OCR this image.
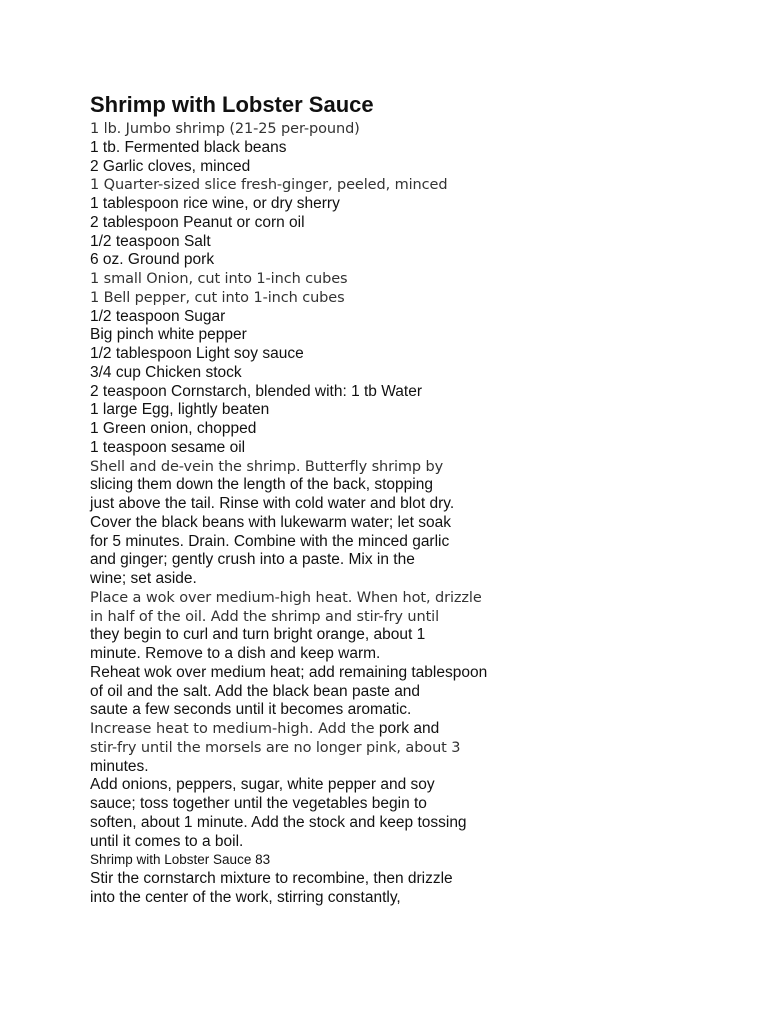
Shrimp with Lobster Sauce
1 lb. Jumbo shrimp (21-25 per-pound)
1 tb. Fermented black beans
2 Garlic cloves, minced
1 Quarter-sized slice fresh-ginger, peeled, minced
1 tablespoon rice wine, or dry sherry
2 tablespoon Peanut or corn oil
1/2 teaspoon Salt
6 oz. Ground pork
1 small Onion, cut into 1-inch cubes
1 Bell pepper, cut into 1-inch cubes
1/2 teaspoon Sugar
Big pinch white pepper
1/2 tablespoon Light soy sauce
3/4 cup Chicken stock
2 teaspoon Cornstarch, blended with: 1 tb Water
1 large Egg, lightly beaten
1 Green onion, chopped
1 teaspoon sesame oil
Shell and de-vein the shrimp. Butterfly shrimp by
slicing them down the length of the back, stopping
just above the tail. Rinse with cold water and blot dry.
Cover the black beans with lukewarm water; let soak
for 5 minutes. Drain. Combine with the minced garlic
and ginger; gently crush into a paste. Mix in the
wine; set aside.
Place a wok over medium-high heat. When hot, drizzle
in half of the oil. Add the shrimp and stir-fry until
they begin to curl and turn bright orange, about 1
minute. Remove to a dish and keep warm.
Reheat wok over medium heat; add remaining tablespoon
of oil and the salt. Add the black bean paste and
saute a few seconds until it becomes aromatic.
Increase heat to medium-high. Add the pork and
stir-fry until the morsels are no longer pink, about 3
minutes.
Add onions, peppers, sugar, white pepper and soy
sauce; toss together until the vegetables begin to
soften, about 1 minute. Add the stock and keep tossing
until it comes to a boil.
Shrimp with Lobster Sauce 83
Stir the cornstarch mixture to recombine, then drizzle
into the center of the work, stirring constantly,
